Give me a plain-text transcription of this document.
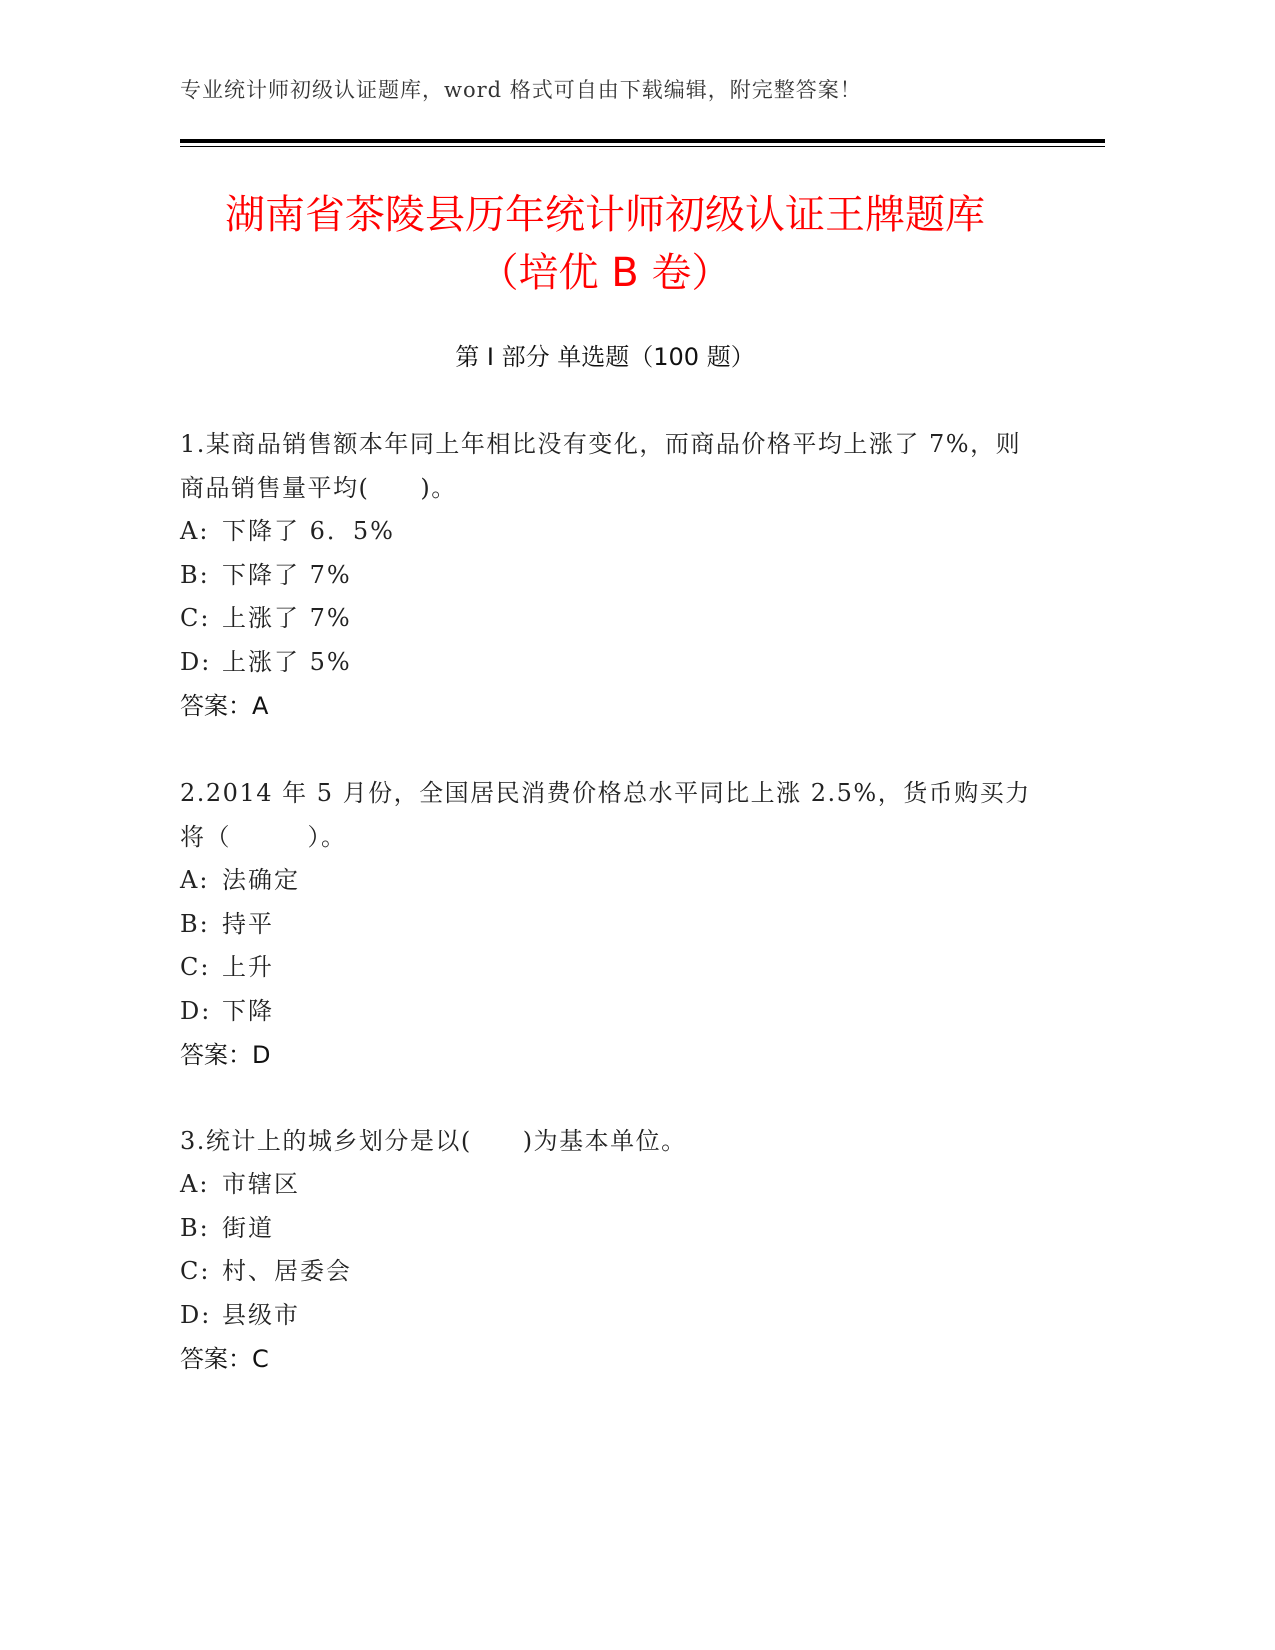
专业统计师初级认证题库，word 格式可自由下载编辑，附完整答案！
湖南省茶陵县历年统计师初级认证王牌题库
（培优 B 卷）
第 I 部分 单选题（100 题）

1.某商品销售额本年同上年相比没有变化，而商品价格平均上涨了 7%，则商品销售量平均(　　)。

A: 下降了 6．5%

B: 下降了 7%

C: 上涨了 7%

D: 上涨了 5%

答案：A

2.2014 年 5 月份，全国居民消费价格总水平同比上涨 2.5%，货币购买力将（　　　）。

A: 法确定

B: 持平

C: 上升

D: 下降

答案：D

3.统计上的城乡划分是以(　　)为基本单位。

A: 市辖区

B: 街道

C: 村、居委会

D: 县级市

答案：C
